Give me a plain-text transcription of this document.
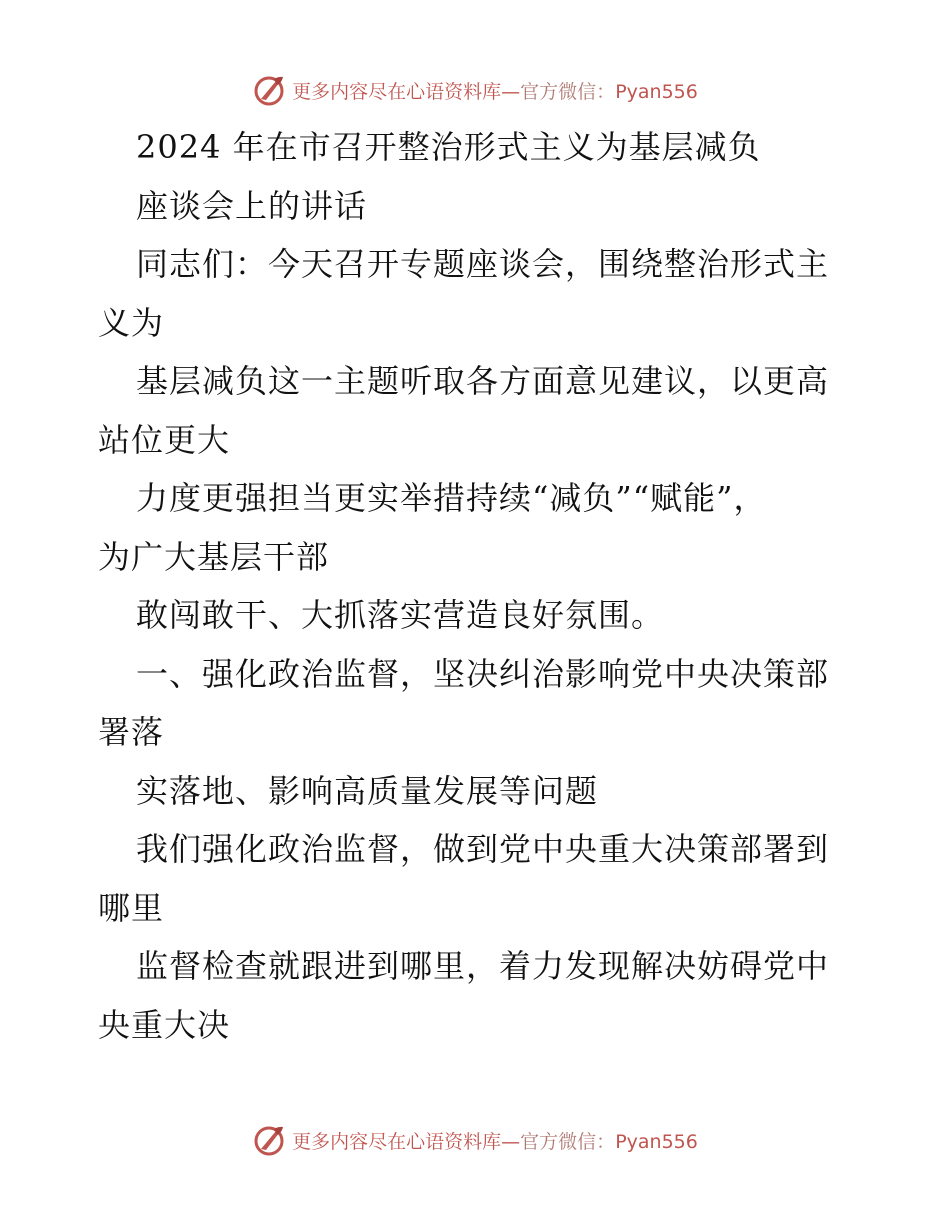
更多内容尽在心语资料库—官方微信：Pyan556
2024 年在市召开整治形式主义为基层减负
座谈会上的讲话
同志们：今天召开专题座谈会，围绕整治形式主
义为
基层减负这一主题听取各方面意见建议，以更高
站位更大
力度更强担当更实举措持续“减负”“赋能”，
为广大基层干部
敢闯敢干、大抓落实营造良好氛围。
一、强化政治监督，坚决纠治影响党中央决策部
署落
实落地、影响高质量发展等问题
我们强化政治监督，做到党中央重大决策部署到
哪里
监督检查就跟进到哪里，着力发现解决妨碍党中
央重大决
更多内容尽在心语资料库—官方微信：Pyan556
